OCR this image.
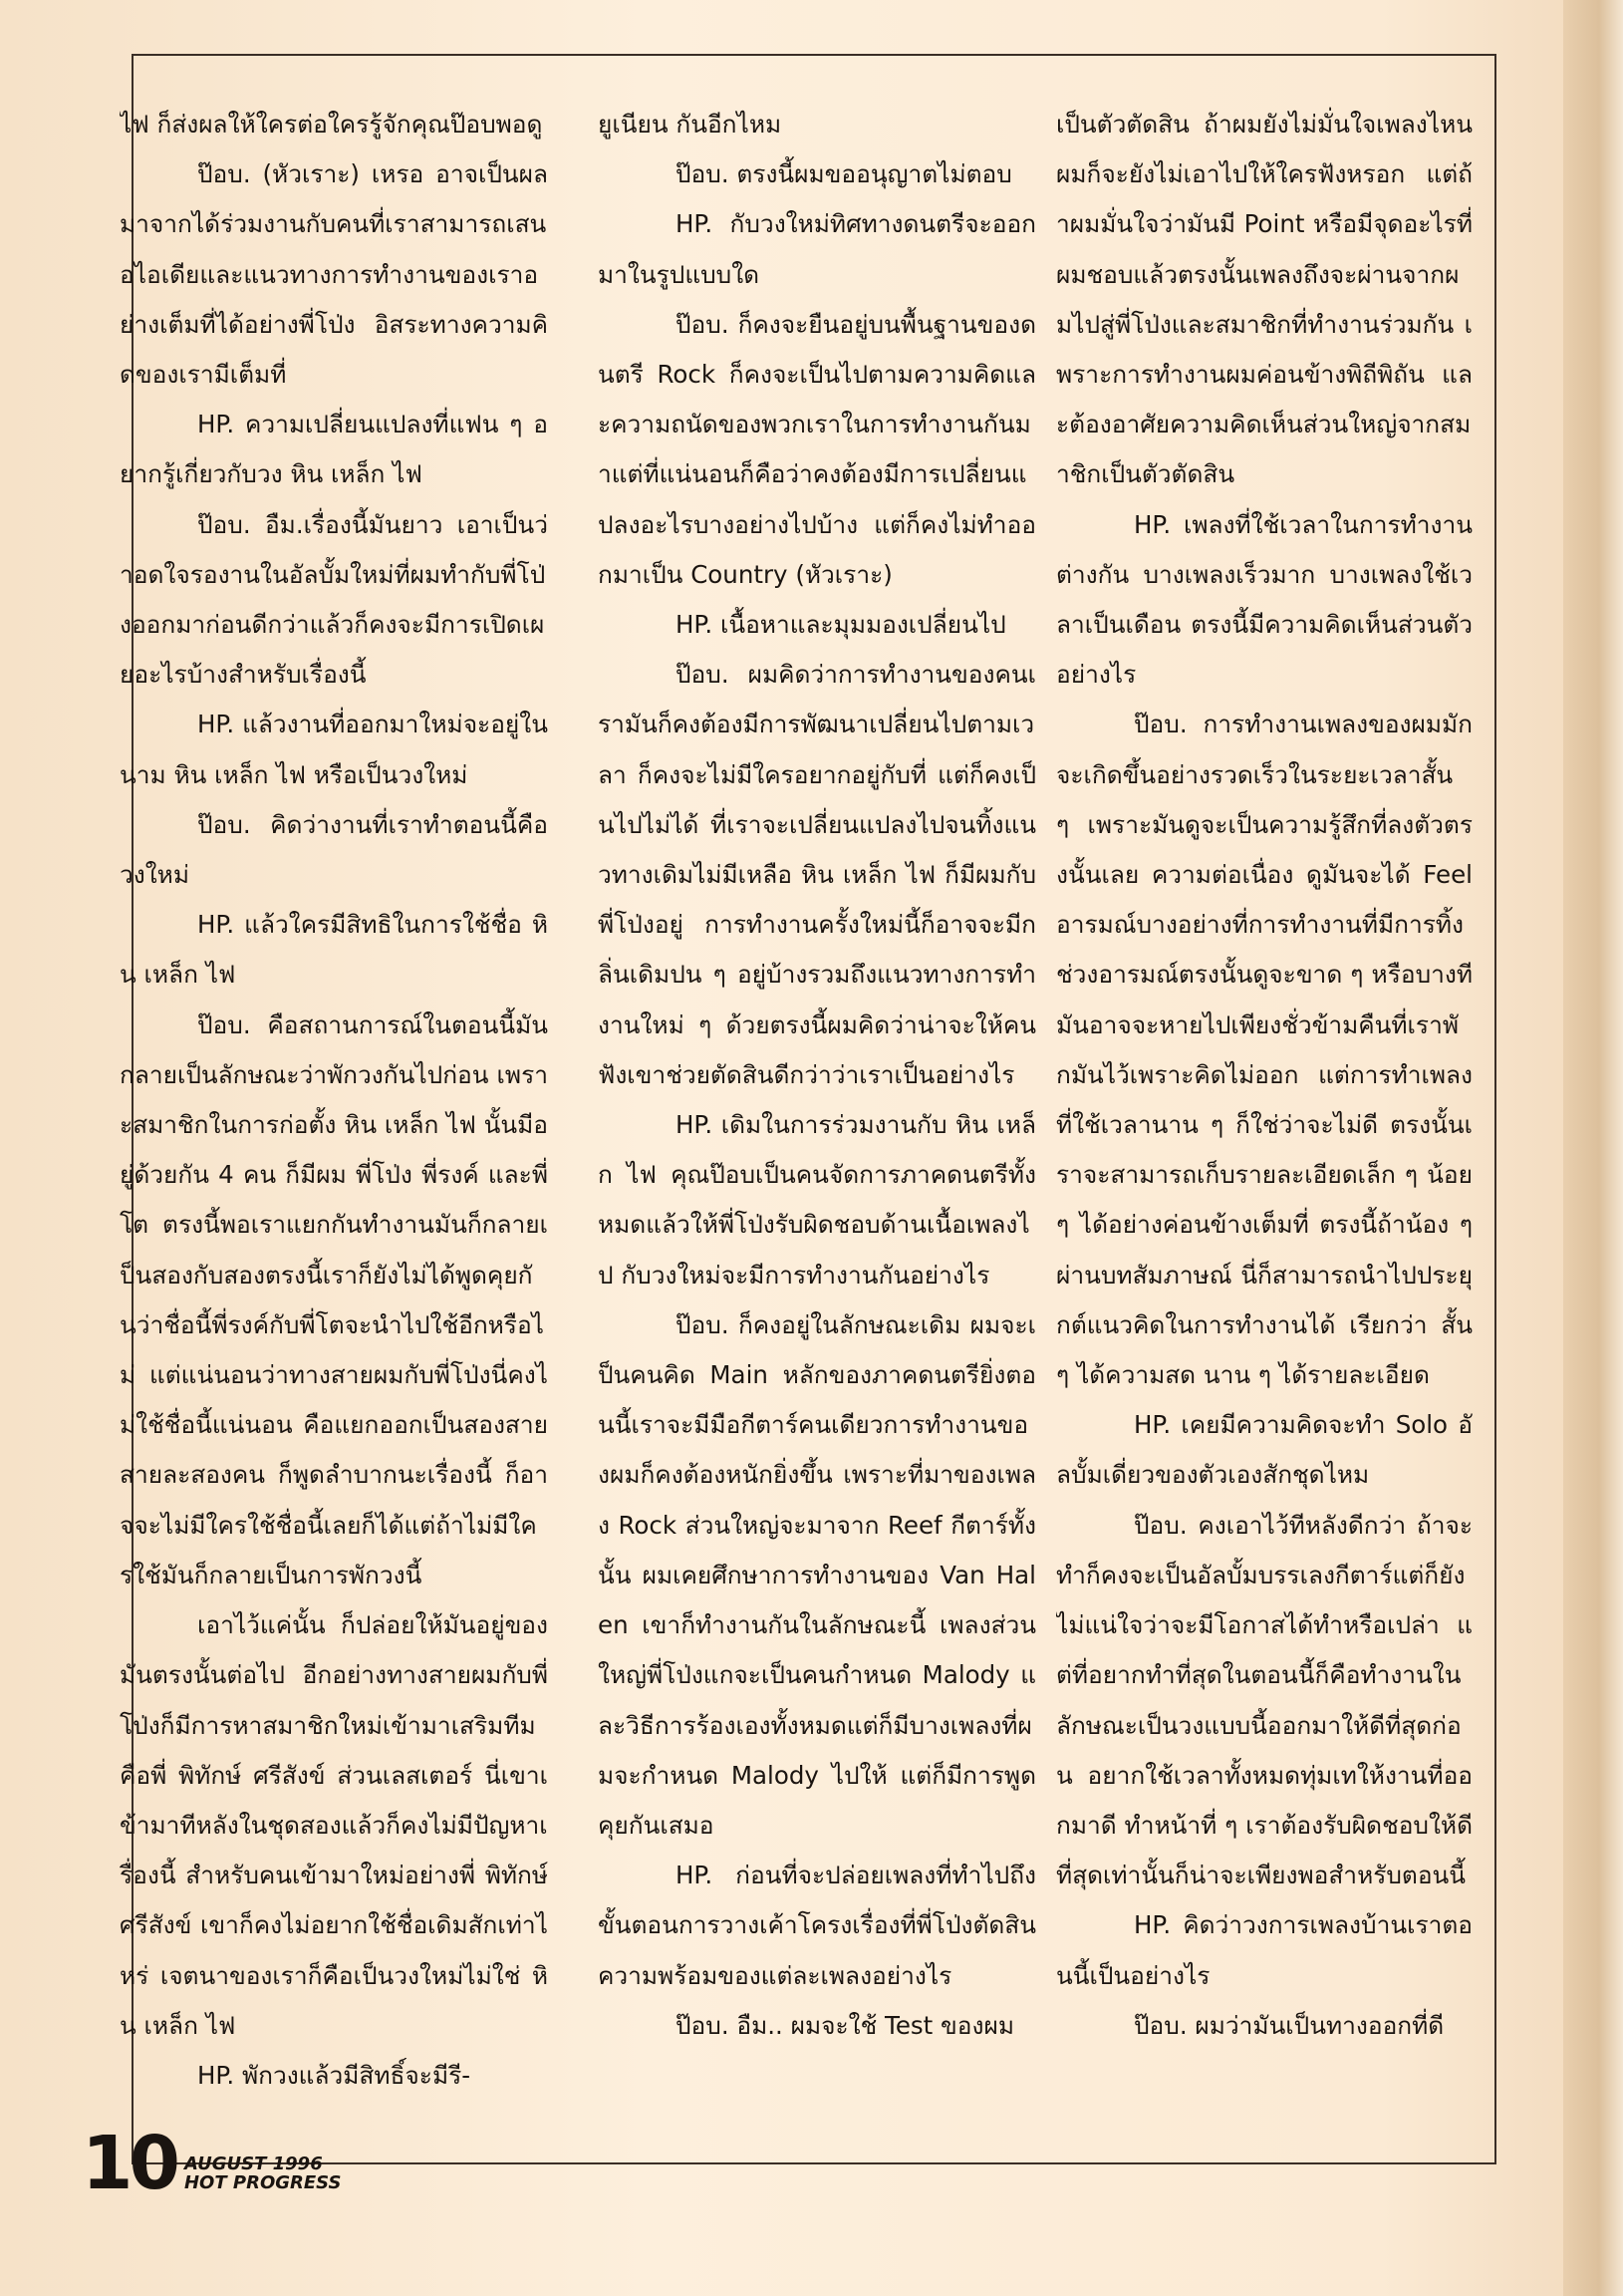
ไฟ ก็ส่งผลให้ใครต่อใครรู้จักคุณป๊อบพอดู

ป๊อบ. (หัวเราะ) เหรอ อาจเป็นผลมาจากได้ร่วมงานกับคนที่เราสามารถเสนอไอเดียและแนวทางการทำงานของเราอย่างเต็มที่ได้อย่างพี่โป่ง อิสระทางความคิดของเรามีเต็มที่

HP. ความเปลี่ยนแปลงที่แฟน ๆ อยากรู้เกี่ยวกับวง หิน เหล็ก ไฟ

ป๊อบ. อืม.เรื่องนี้มันยาว เอาเป็นว่าอดใจรองานในอัลบั้มใหม่ที่ผมทำกับพี่โป่งออกมาก่อนดีกว่าแล้วก็คงจะมีการเปิดเผยอะไรบ้างสำหรับเรื่องนี้

HP. แล้วงานที่ออกมาใหม่จะอยู่ในนาม หิน เหล็ก ไฟ หรือเป็นวงใหม่

ป๊อบ. คิดว่างานที่เราทำตอนนี้คือวงใหม่

HP. แล้วใครมีสิทธิในการใช้ชื่อ หิน เหล็ก ไฟ

ป๊อบ. คือสถานการณ์ในตอนนี้มันกลายเป็นลักษณะว่าพักวงกันไปก่อน เพราะสมาชิกในการก่อตั้ง หิน เหล็ก ไฟ นั้นมีอยู่ด้วยกัน 4 คน ก็มีผม พี่โป่ง พี่รงค์ และพี่โต ตรงนี้พอเราแยกกันทำงานมันก็กลายเป็นสองกับสองตรงนี้เราก็ยังไม่ได้พูดคุยกันว่าชื่อนี้พี่รงค์กับพี่โตจะนำไปใช้อีกหรือไม่ แต่แน่นอนว่าทางสายผมกับพี่โป่งนี่คงไม่ใช้ชื่อนี้แน่นอน คือแยกออกเป็นสองสาย สายละสองคน ก็พูดลำบากนะเรื่องนี้ ก็อาจจะไม่มีใครใช้ชื่อนี้เลยก็ได้แต่ถ้าไม่มีใครใช้มันก็กลายเป็นการพักวงนี้

เอาไว้แค่นั้น ก็ปล่อยให้มันอยู่ของมันตรงนั้นต่อไป อีกอย่างทางสายผมกับพี่โป่งก็มีการหาสมาชิกใหม่เข้ามาเสริมทีม คือพี่ พิทักษ์ ศรีสังข์ ส่วนเลสเตอร์ นี่เขาเข้ามาทีหลังในชุดสองแล้วก็คงไม่มีปัญหาเรื่องนี้ สำหรับคนเข้ามาใหม่อย่างพี่ พิทักษ์ ศรีสังข์ เขาก็คงไม่อยากใช้ชื่อเดิมสักเท่าไหร่ เจตนาของเราก็คือเป็นวงใหม่ไม่ใช่ หิน เหล็ก ไฟ

HP. พักวงแล้วมีสิทธิ์จะมีรี-

ยูเนียน กันอีกไหม

ป๊อบ. ตรงนี้ผมขออนุญาตไม่ตอบ

HP. กับวงใหม่ทิศทางดนตรีจะออกมาในรูปแบบใด

ป๊อบ. ก็คงจะยืนอยู่บนพื้นฐานของดนตรี Rock ก็คงจะเป็นไปตามความคิดและความถนัดของพวกเราในการทำงานกันมาแต่ที่แน่นอนก็คือว่าคงต้องมีการเปลี่ยนแปลงอะไรบางอย่างไปบ้าง แต่ก็คงไม่ทำออกมาเป็น Country (หัวเราะ)

HP. เนื้อหาและมุมมองเปลี่ยนไป

ป๊อบ. ผมคิดว่าการทำงานของคนเรามันก็คงต้องมีการพัฒนาเปลี่ยนไปตามเวลา ก็คงจะไม่มีใครอยากอยู่กับที่ แต่ก็คงเป็นไปไม่ได้ ที่เราจะเปลี่ยนแปลงไปจนทิ้งแนวทางเดิมไม่มีเหลือ หิน เหล็ก ไฟ ก็มีผมกับพี่โป่งอยู่ การทำงานครั้งใหม่นี้ก็อาจจะมีกลิ่นเดิมปน ๆ อยู่บ้างรวมถึงแนวทางการทำงานใหม่ ๆ ด้วยตรงนี้ผมคิดว่าน่าจะให้คนฟังเขาช่วยตัดสินดีกว่าว่าเราเป็นอย่างไร

HP. เดิมในการร่วมงานกับ หิน เหล็ก ไฟ คุณป๊อบเป็นคนจัดการภาคดนตรีทั้งหมดแล้วให้พี่โป่งรับผิดชอบด้านเนื้อเพลงไป กับวงใหม่จะมีการทำงานกันอย่างไร

ป๊อบ. ก็คงอยู่ในลักษณะเดิม ผมจะเป็นคนคิด Main หลักของภาคดนตรียิ่งตอนนี้เราจะมีมือกีตาร์คนเดียวการทำงานของผมก็คงต้องหนักยิ่งขึ้น เพราะที่มาของเพลง Rock ส่วนใหญ่จะมาจาก Reef กีตาร์ทั้งนั้น ผมเคยศึกษาการทำงานของ Van Halen เขาก็ทำงานกันในลักษณะนี้ เพลงส่วนใหญ่พี่โป่งแกจะเป็นคนกำหนด Malody และวิธีการร้องเองทั้งหมดแต่ก็มีบางเพลงที่ผมจะกำหนด Malody ไปให้ แต่ก็มีการพูดคุยกันเสมอ

HP. ก่อนที่จะปล่อยเพลงที่ทำไปถึงขั้นตอนการวางเค้าโครงเรื่องที่พี่โป่งตัดสินความพร้อมของแต่ละเพลงอย่างไร

ป๊อบ. อืม.. ผมจะใช้ Test ของผม

เป็นตัวตัดสิน ถ้าผมยังไม่มั่นใจเพลงไหนผมก็จะยังไม่เอาไปให้ใครฟังหรอก แต่ถ้าผมมั่นใจว่ามันมี Point หรือมีจุดอะไรที่ผมชอบแล้วตรงนั้นเพลงถึงจะผ่านจากผมไปสู่พี่โป่งและสมาชิกที่ทำงานร่วมกัน เพราะการทำงานผมค่อนข้างพิถีพิถัน และต้องอาศัยความคิดเห็นส่วนใหญ่จากสมาชิกเป็นตัวตัดสิน

HP. เพลงที่ใช้เวลาในการทำงานต่างกัน บางเพลงเร็วมาก บางเพลงใช้เวลาเป็นเดือน ตรงนี้มีความคิดเห็นส่วนตัวอย่างไร

ป๊อบ. การทำงานเพลงของผมมักจะเกิดขึ้นอย่างรวดเร็วในระยะเวลาสั้น ๆ เพราะมันดูจะเป็นความรู้สึกที่ลงตัวตรงนั้นเลย ความต่อเนื่อง ดูมันจะได้ Feel อารมณ์บางอย่างที่การทำงานที่มีการทิ้งช่วงอารมณ์ตรงนั้นดูจะขาด ๆ หรือบางทีมันอาจจะหายไปเพียงชั่วข้ามคืนที่เราพักมันไว้เพราะคิดไม่ออก แต่การทำเพลงที่ใช้เวลานาน ๆ ก็ใช่ว่าจะไม่ดี ตรงนั้นเราจะสามารถเก็บรายละเอียดเล็ก ๆ น้อย ๆ ได้อย่างค่อนข้างเต็มที่ ตรงนี้ถ้าน้อง ๆ ผ่านบทสัมภาษณ์ นี่ก็สามารถนำไปประยุกต์แนวคิดในการทำงานได้ เรียกว่า สั้น ๆ ได้ความสด นาน ๆ ได้รายละเอียด

HP. เคยมีความคิดจะทำ Solo อัลบั้มเดี่ยวของตัวเองสักชุดไหม

ป๊อบ. คงเอาไว้ทีหลังดีกว่า ถ้าจะทำก็คงจะเป็นอัลบั้มบรรเลงกีตาร์แต่ก็ยังไม่แน่ใจว่าจะมีโอกาสได้ทำหรือเปล่า แต่ที่อยากทำที่สุดในตอนนี้ก็คือทำงานในลักษณะเป็นวงแบบนี้ออกมาให้ดีที่สุดก่อน อยากใช้เวลาทั้งหมดทุ่มเทให้งานที่ออกมาดี ทำหน้าที่ ๆ เราต้องรับผิดชอบให้ดีที่สุดเท่านั้นก็น่าจะเพียงพอสำหรับตอนนี้

HP. คิดว่าวงการเพลงบ้านเราตอนนี้เป็นอย่างไร

ป๊อบ. ผมว่ามันเป็นทางออกที่ดี

10 AUGUST 1996
HOT PROGRESS
